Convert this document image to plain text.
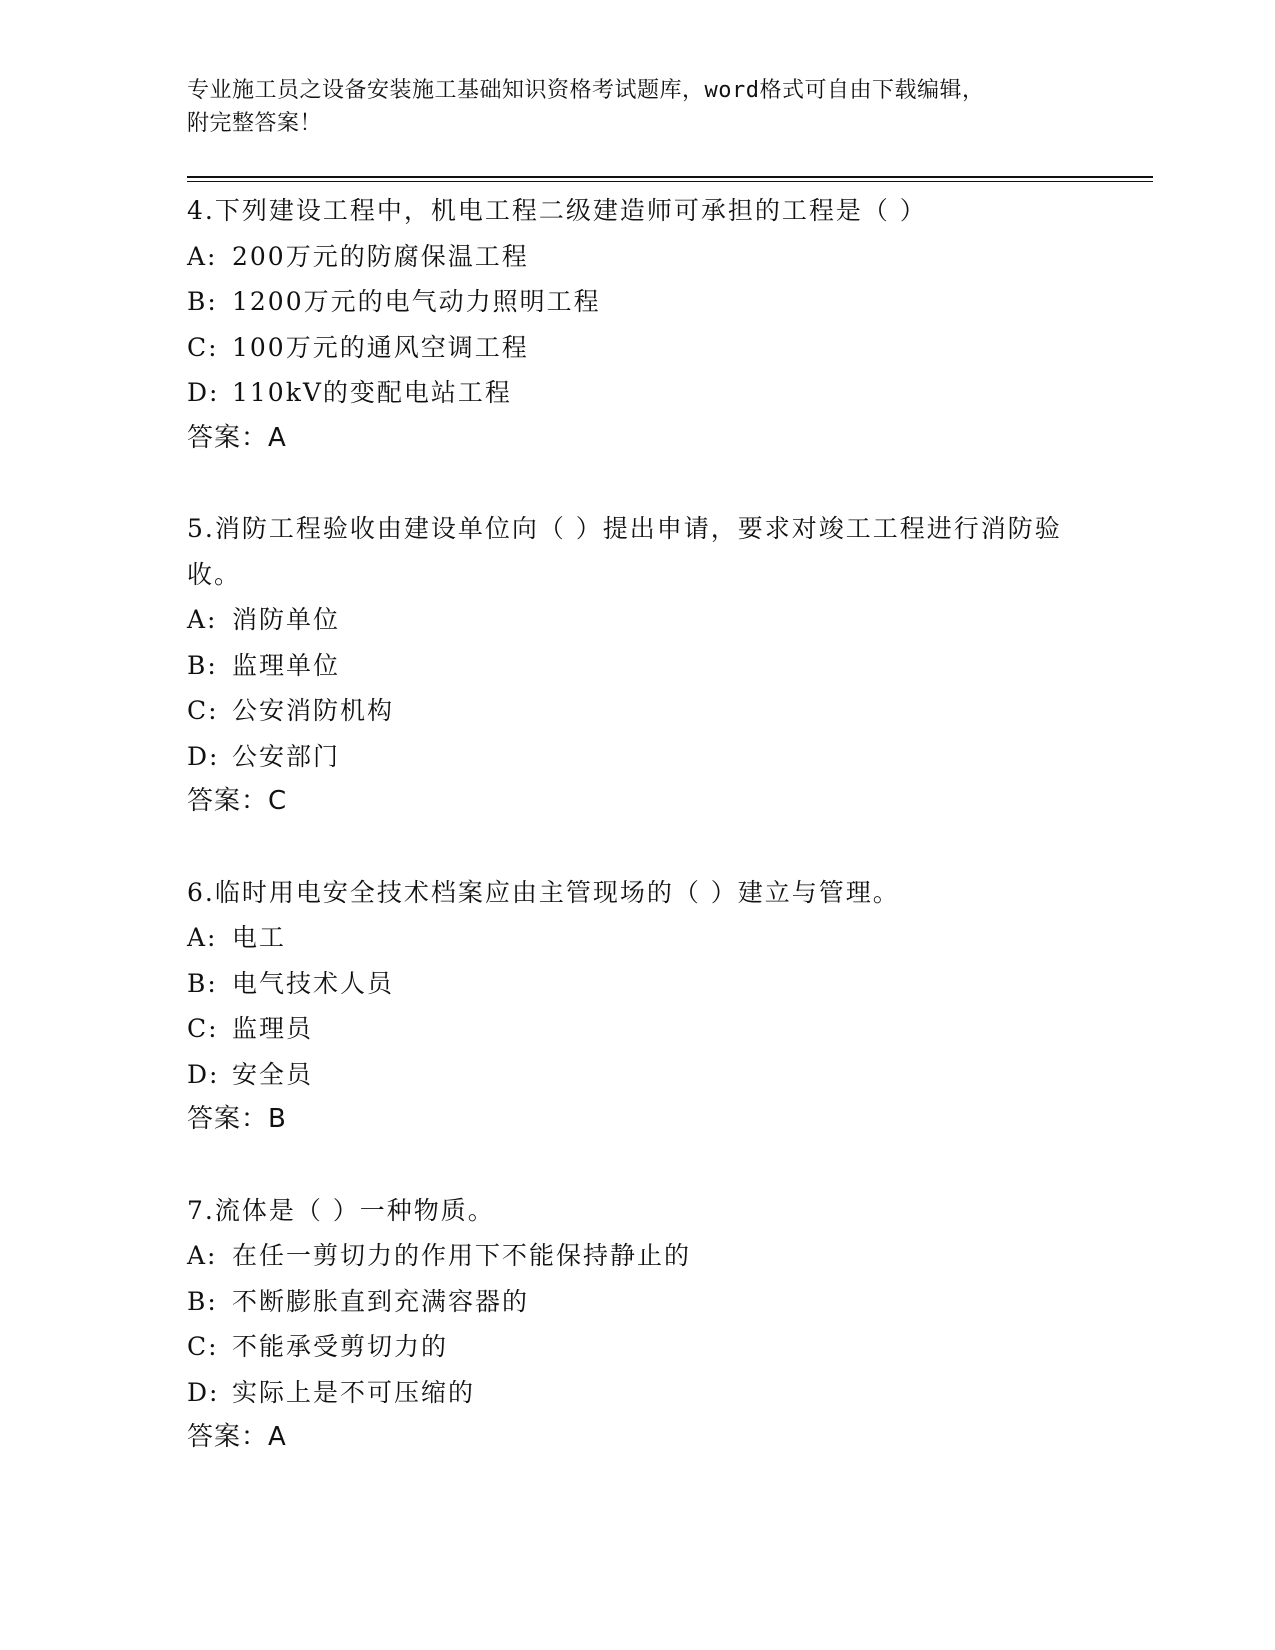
专业施工员之设备安装施工基础知识资格考试题库，word格式可自由下载编辑，
附完整答案！
4.下列建设工程中，机电工程二级建造师可承担的工程是（ ）
A: 200万元的防腐保温工程
B: 1200万元的电气动力照明工程
C: 100万元的通风空调工程
D: 110kV的变配电站工程
答案：A
5.消防工程验收由建设单位向（ ）提出申请，要求对竣工工程进行消防验收。
A: 消防单位
B: 监理单位
C: 公安消防机构
D: 公安部门
答案：C
6.临时用电安全技术档案应由主管现场的（ ）建立与管理。
A: 电工
B: 电气技术人员
C: 监理员
D: 安全员
答案：B
7.流体是（ ）一种物质。
A: 在任一剪切力的作用下不能保持静止的
B: 不断膨胀直到充满容器的
C: 不能承受剪切力的
D: 实际上是不可压缩的
答案：A
